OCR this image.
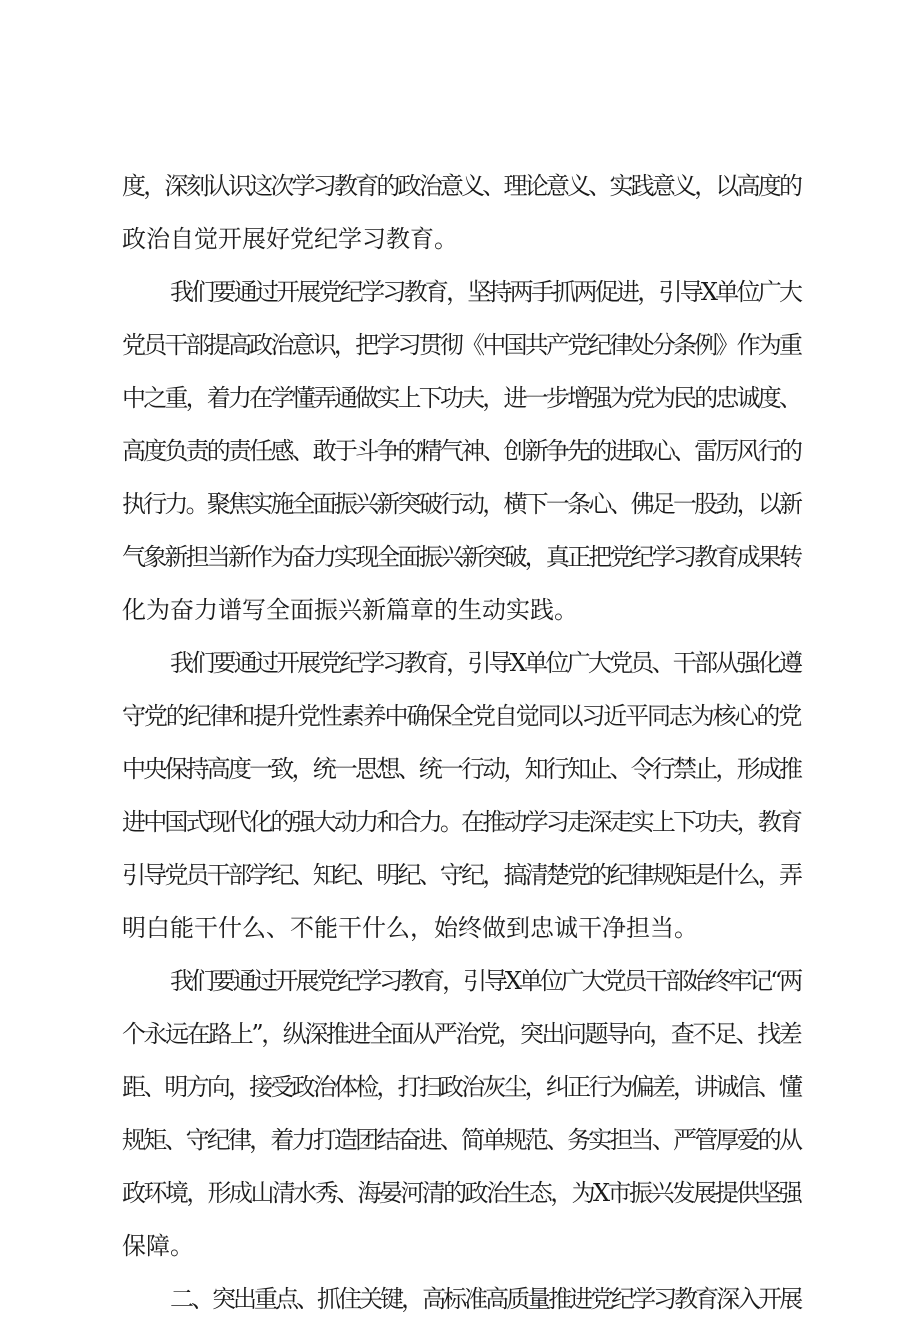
度，深刻认识这次学习教育的政治意义、理论意义、实践意义，以高度的
政治自觉开展好党纪学习教育。
我们要通过开展党纪学习教育，坚持两手抓两促进，引导X单位广大
党员干部提高政治意识，把学习贯彻《中国共产党纪律处分条例》作为重
中之重，着力在学懂弄通做实上下功夫，进一步增强为党为民的忠诚度、
高度负责的责任感、敢于斗争的精气神、创新争先的进取心、雷厉风行的
执行力。聚焦实施全面振兴新突破行动，横下一条心、佛足一股劲，以新
气象新担当新作为奋力实现全面振兴新突破，真正把党纪学习教育成果转
化为奋力谱写全面振兴新篇章的生动实践。
我们要通过开展党纪学习教育，引导X单位广大党员、干部从强化遵
守党的纪律和提升党性素养中确保全党自觉同以习近平同志为核心的党
中央保持高度一致，统一思想、统一行动，知行知止、令行禁止，形成推
进中国式现代化的强大动力和合力。在推动学习走深走实上下功夫，教育
引导党员干部学纪、知纪、明纪、守纪，搞清楚党的纪律规矩是什么，弄
明白能干什么、不能干什么，始终做到忠诚干净担当。
我们要通过开展党纪学习教育，引导X单位广大党员干部始终牢记“两
个永远在路上”，纵深推进全面从严治党，突出问题导向，查不足、找差
距、明方向，接受政治体检，打扫政治灰尘，纠正行为偏差，讲诚信、懂
规矩、守纪律，着力打造团结奋进、简单规范、务实担当、严管厚爱的从
政环境，形成山清水秀、海晏河清的政治生态，为X市振兴发展提供坚强
保障。
二、突出重点、抓住关键，高标准高质量推进党纪学习教育深入开展
